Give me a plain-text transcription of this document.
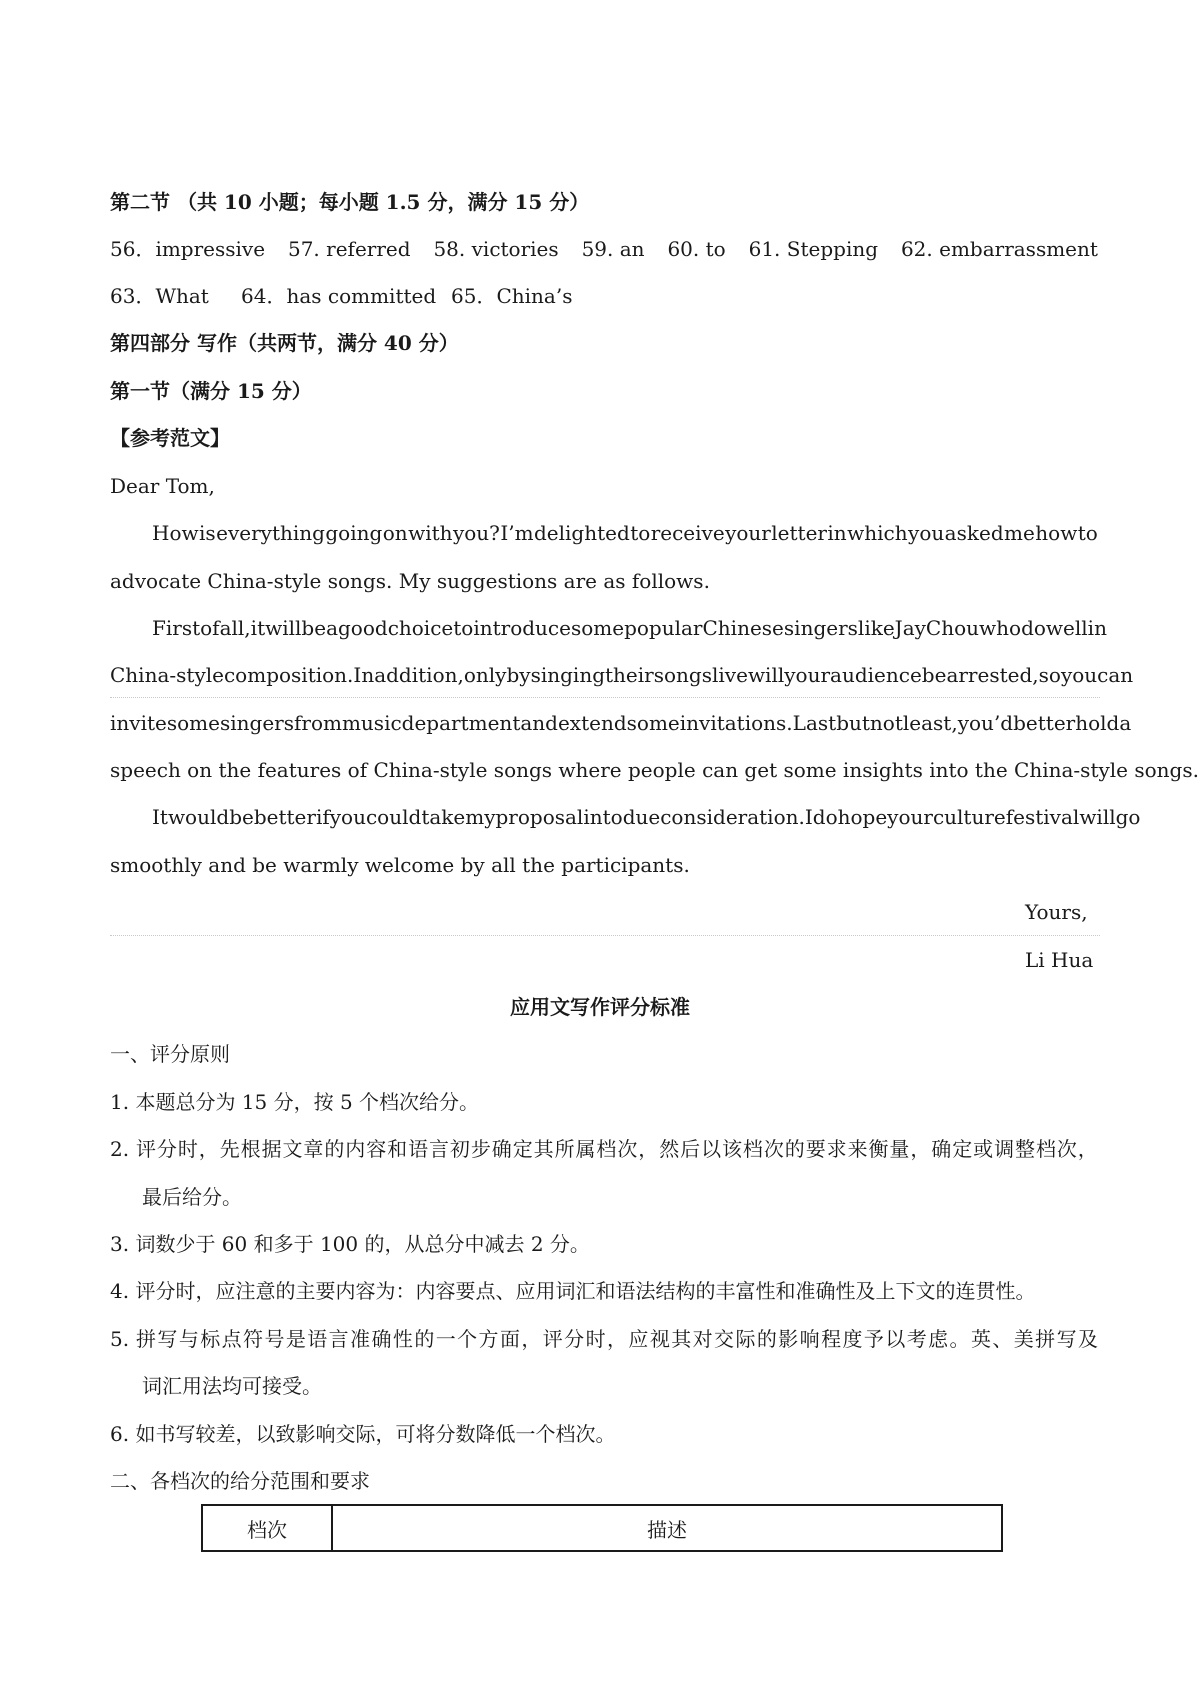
第二节 （共 10 小题；每小题 1.5 分，满分 15 分）
56．impressive 57. referred 58. victories 59. an 60. to 61. Stepping 62. embarrassment
63．What	64．has committed 65．China’s
第四部分 写作（共两节，满分 40 分）
第一节（满分 15 分）
【参考范文】
Dear Tom,
How is everything going on with you? I’m delighted to receive your letter in which you asked me how to
advocate China-style songs. My suggestions are as follows.
First of all, it will be a good choice to introduce some popular Chinese singers like Jay Chou who do well in
China-style composition. In addition, only by singing their songs live will your audience be arrested, so you can
invite some singers from music department and extend some invitations. Last but not least, you’d better hold a
speech on the features of China-style songs where people can get some insights into the China-style songs.
It would be better if you could take my proposal into due consideration. I do hope your culture festival will go
smoothly and be warmly welcome by all the participants.
Yours,
Li Hua
应用文写作评分标准
一、评分原则
1. 本题总分为 15 分，按 5 个档次给分。
2. 评分时，先根据文章的内容和语言初步确定其所属档次，然后以该档次的要求来衡量，确定或调整档次，
最后给分。
3. 词数少于 60 和多于 100 的，从总分中减去 2 分。
4. 评分时，应注意的主要内容为：内容要点、应用词汇和语法结构的丰富性和准确性及上下文的连贯性。
5. 拼写与标点符号是语言准确性的一个方面，评分时，应视其对交际的影响程度予以考虑。英、美拼写及
词汇用法均可接受。
6. 如书写较差，以致影响交际，可将分数降低一个档次。
二、各档次的给分范围和要求
档次	描述
